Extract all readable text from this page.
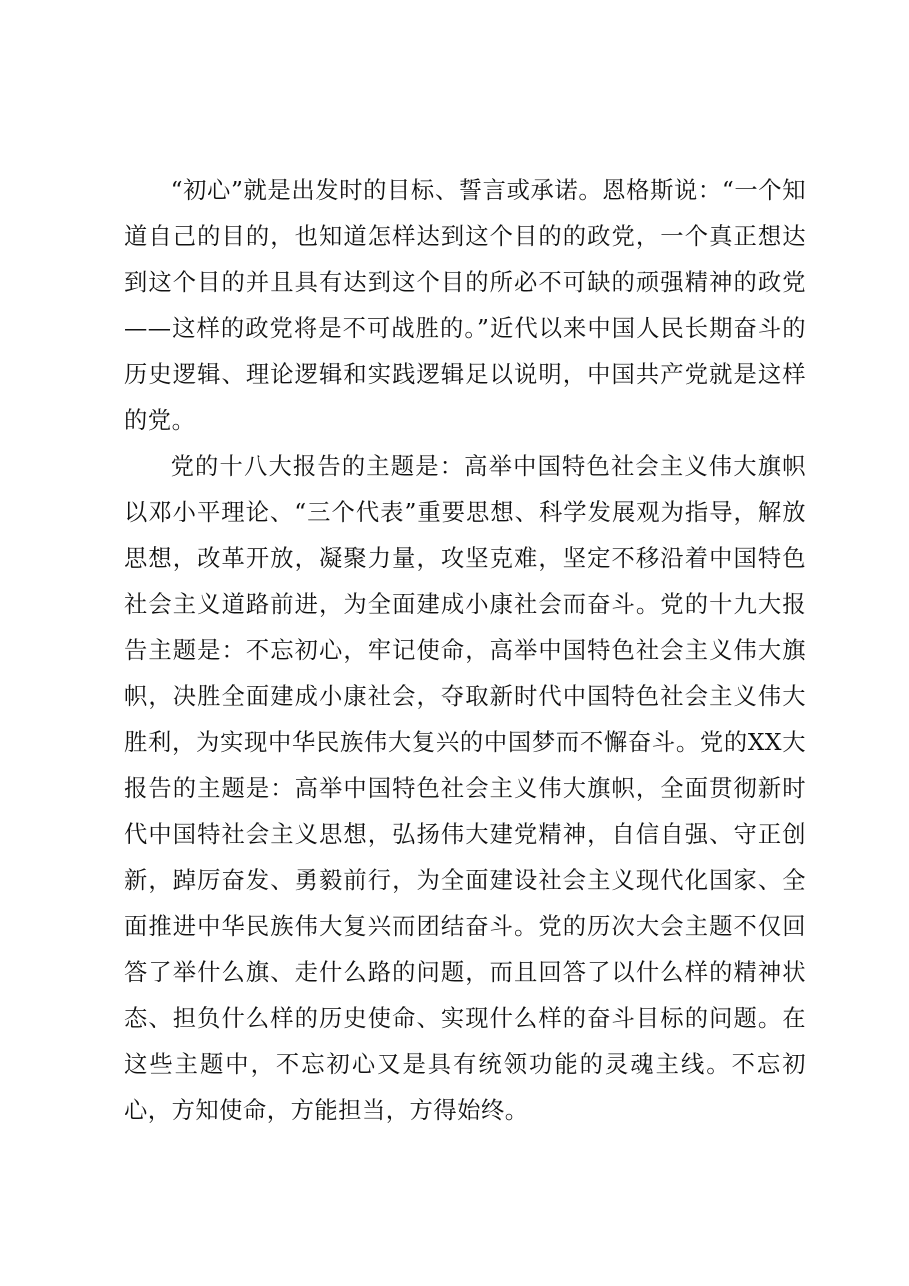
“初心”就是出发时的目标、誓言或承诺。恩格斯说：“一个知道自己的目的，也知道怎样达到这个目的的政党，一个真正想达到这个目的并且具有达到这个目的所必不可缺的顽强精神的政党——这样的政党将是不可战胜的。”近代以来中国人民长期奋斗的历史逻辑、理论逻辑和实践逻辑足以说明，中国共产党就是这样的党。

党的十八大报告的主题是：高举中国特色社会主义伟大旗帜以邓小平理论、“三个代表”重要思想、科学发展观为指导，解放思想，改革开放，凝聚力量，攻坚克难，坚定不移沿着中国特色社会主义道路前进，为全面建成小康社会而奋斗。党的十九大报告主题是：不忘初心，牢记使命，高举中国特色社会主义伟大旗帜，决胜全面建成小康社会，夺取新时代中国特色社会主义伟大胜利，为实现中华民族伟大复兴的中国梦而不懈奋斗。党的XX大报告的主题是：高举中国特色社会主义伟大旗帜，全面贯彻新时代中国特社会主义思想，弘扬伟大建党精神，自信自强、守正创新，踔厉奋发、勇毅前行，为全面建设社会主义现代化国家、全面推进中华民族伟大复兴而团结奋斗。党的历次大会主题不仅回答了举什么旗、走什么路的问题，而且回答了以什么样的精神状态、担负什么样的历史使命、实现什么样的奋斗目标的问题。在这些主题中，不忘初心又是具有统领功能的灵魂主线。不忘初心，方知使命，方能担当，方得始终。
